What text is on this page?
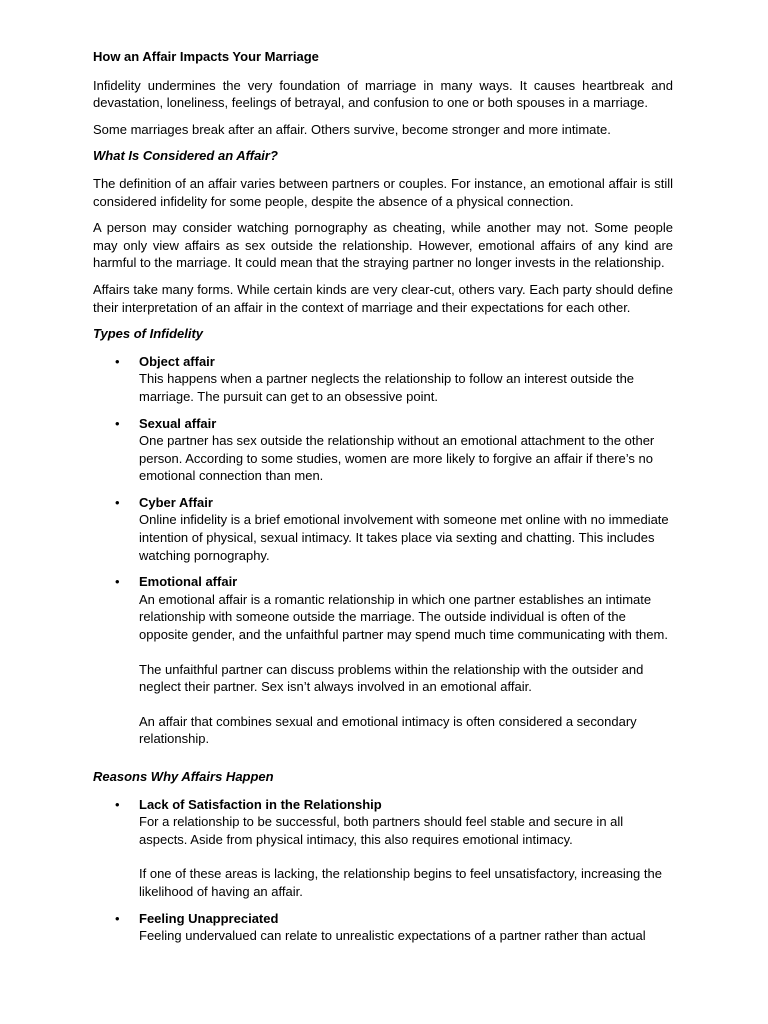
How an Affair Impacts Your Marriage

Infidelity undermines the very foundation of marriage in many ways. It causes heartbreak and devastation, loneliness, feelings of betrayal, and confusion to one or both spouses in a marriage.

Some marriages break after an affair. Others survive, become stronger and more intimate.

What Is Considered an Affair?

The definition of an affair varies between partners or couples. For instance, an emotional affair is still considered infidelity for some people, despite the absence of a physical connection.

A person may consider watching pornography as cheating, while another may not. Some people may only view affairs as sex outside the relationship. However, emotional affairs of any kind are harmful to the marriage. It could mean that the straying partner no longer invests in the relationship.

Affairs take many forms. While certain kinds are very clear-cut, others vary. Each party should define their interpretation of an affair in the context of marriage and their expectations for each other.

Types of Infidelity

• Object affair
This happens when a partner neglects the relationship to follow an interest outside the marriage. The pursuit can get to an obsessive point.
• Sexual affair
One partner has sex outside the relationship without an emotional attachment to the other person. According to some studies, women are more likely to forgive an affair if there’s no emotional connection than men.
• Cyber Affair
Online infidelity is a brief emotional involvement with someone met online with no immediate intention of physical, sexual intimacy. It takes place via sexting and chatting. This includes watching pornography.
• Emotional affair
An emotional affair is a romantic relationship in which one partner establishes an intimate relationship with someone outside the marriage. The outside individual is often of the opposite gender, and the unfaithful partner may spend much time communicating with them.
The unfaithful partner can discuss problems within the relationship with the outsider and neglect their partner. Sex isn’t always involved in an emotional affair.
An affair that combines sexual and emotional intimacy is often considered a secondary relationship.

Reasons Why Affairs Happen

• Lack of Satisfaction in the Relationship
For a relationship to be successful, both partners should feel stable and secure in all aspects. Aside from physical intimacy, this also requires emotional intimacy.
If one of these areas is lacking, the relationship begins to feel unsatisfactory, increasing the likelihood of having an affair.
• Feeling Unappreciated
Feeling undervalued can relate to unrealistic expectations of a partner rather than actual
